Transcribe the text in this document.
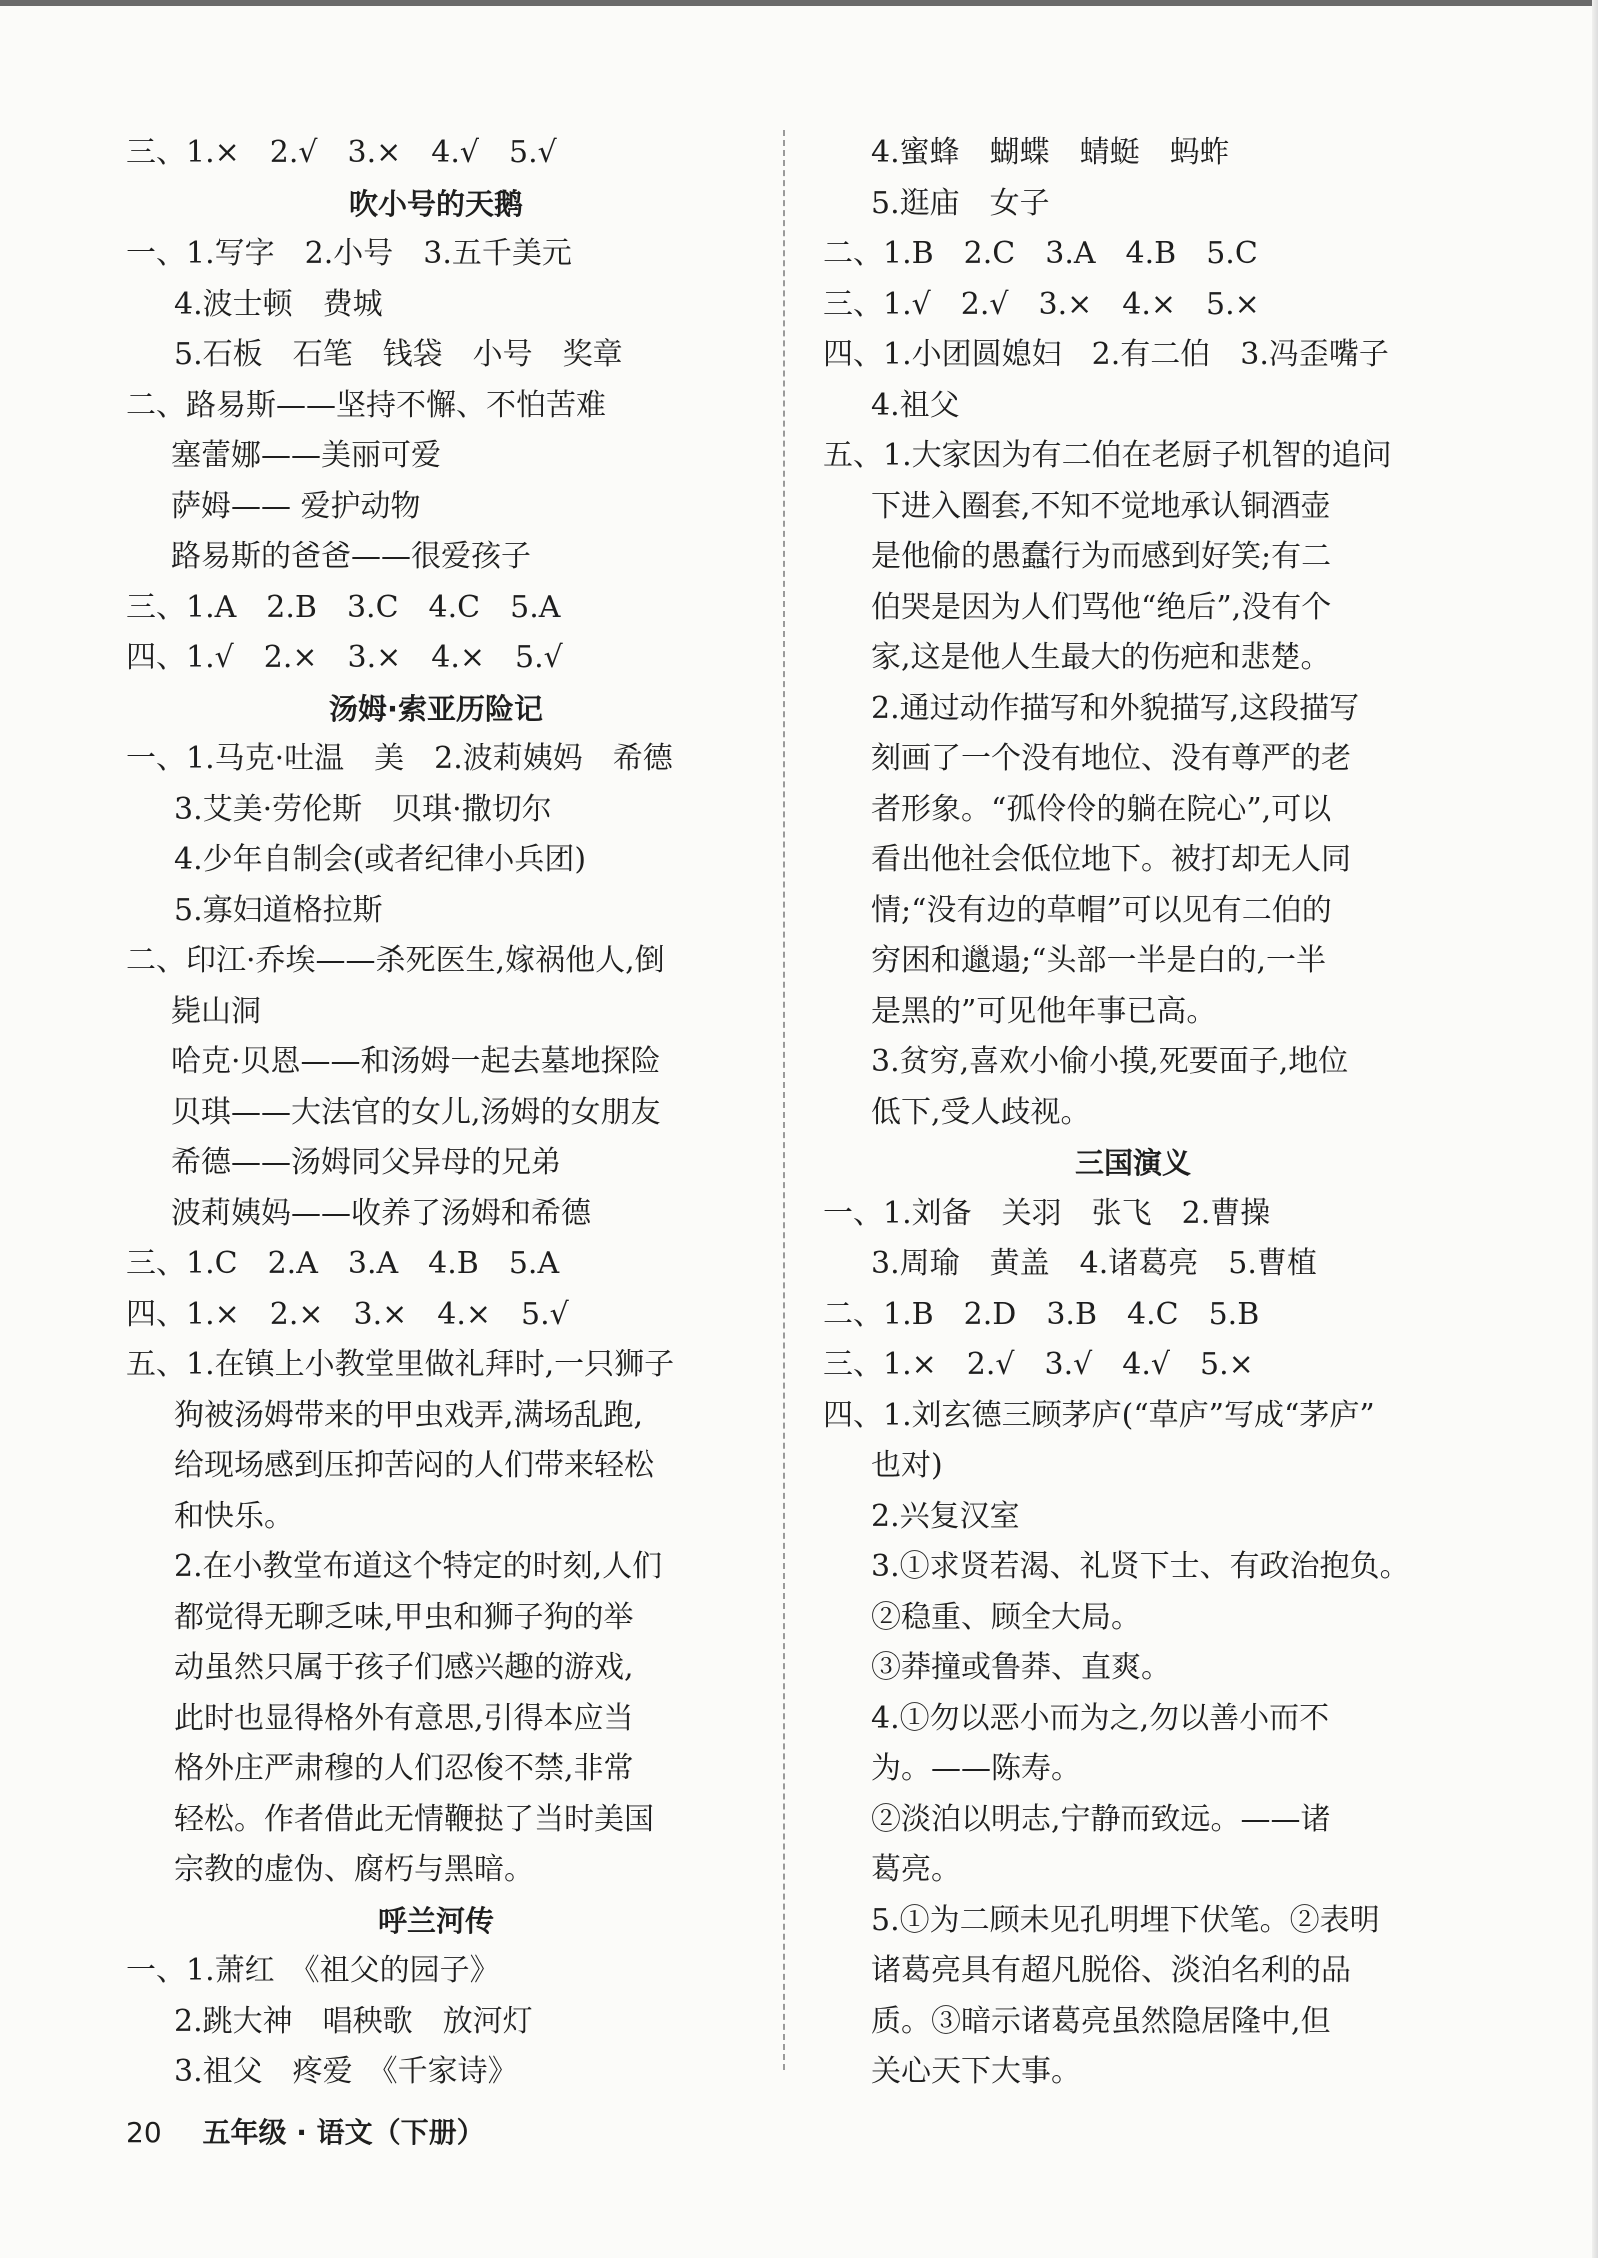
三、1.×　2.√　3.×　4.√　5.√
吹小号的天鹅
一、1.写字　2.小号　3.五千美元
4.波士顿　费城
5.石板　石笔　钱袋　小号　奖章
二、路易斯——坚持不懈、不怕苦难
塞蕾娜——美丽可爱
萨姆—— 爱护动物
路易斯的爸爸——很爱孩子
三、1.A　2.B　3.C　4.C　5.A
四、1.√　2.×　3.×　4.×　5.√
汤姆·索亚历险记
一、1.马克·吐温　美　2.波莉姨妈　希德
3.艾美·劳伦斯　贝琪·撒切尔
4.少年自制会(或者纪律小兵团)
5.寡妇道格拉斯
二、印江·乔埃——杀死医生,嫁祸他人,倒
毙山洞
哈克·贝恩——和汤姆一起去墓地探险
贝琪——大法官的女儿,汤姆的女朋友
希德——汤姆同父异母的兄弟
波莉姨妈——收养了汤姆和希德
三、1.C　2.A　3.A　4.B　5.A
四、1.×　2.×　3.×　4.×　5.√
五、1.在镇上小教堂里做礼拜时,一只狮子
狗被汤姆带来的甲虫戏弄,满场乱跑,
给现场感到压抑苦闷的人们带来轻松
和快乐。
2.在小教堂布道这个特定的时刻,人们
都觉得无聊乏味,甲虫和狮子狗的举
动虽然只属于孩子们感兴趣的游戏,
此时也显得格外有意思,引得本应当
格外庄严肃穆的人们忍俊不禁,非常
轻松。作者借此无情鞭挞了当时美国
宗教的虚伪、腐朽与黑暗。
呼兰河传
一、1.萧红　《祖父的园子》
2.跳大神　唱秧歌　放河灯
3.祖父　疼爱　《千家诗》
4.蜜蜂　蝴蝶　蜻蜓　蚂蚱
5.逛庙　女子
二、1.B　2.C　3.A　4.B　5.C
三、1.√　2.√　3.×　4.×　5.×
四、1.小团圆媳妇　2.有二伯　3.冯歪嘴子
4.祖父
五、1.大家因为有二伯在老厨子机智的追问
下进入圈套,不知不觉地承认铜酒壶
是他偷的愚蠢行为而感到好笑;有二
伯哭是因为人们骂他“绝后”,没有个
家,这是他人生最大的伤疤和悲楚。
2.通过动作描写和外貌描写,这段描写
刻画了一个没有地位、没有尊严的老
者形象。“孤伶伶的躺在院心”,可以
看出他社会低位地下。被打却无人同
情;“没有边的草帽”可以见有二伯的
穷困和邋遢;“头部一半是白的,一半
是黑的”可见他年事已高。
3.贫穷,喜欢小偷小摸,死要面子,地位
低下,受人歧视。
三国演义
一、1.刘备　关羽　张飞　2.曹操
3.周瑜　黄盖　4.诸葛亮　5.曹植
二、1.B　2.D　3.B　4.C　5.B
三、1.×　2.√　3.√　4.√　5.×
四、1.刘玄德三顾茅庐(“草庐”写成“茅庐”
也对)
2.兴复汉室
3.①求贤若渴、礼贤下士、有政治抱负。
②稳重、顾全大局。
③莽撞或鲁莽、直爽。
4.①勿以恶小而为之,勿以善小而不
为。——陈寿。
②淡泊以明志,宁静而致远。——诸
葛亮。
5.①为二顾未见孔明埋下伏笔。②表明
诸葛亮具有超凡脱俗、淡泊名利的品
质。③暗示诸葛亮虽然隐居隆中,但
关心天下大事。
20 五年级 · 语文（下册）
